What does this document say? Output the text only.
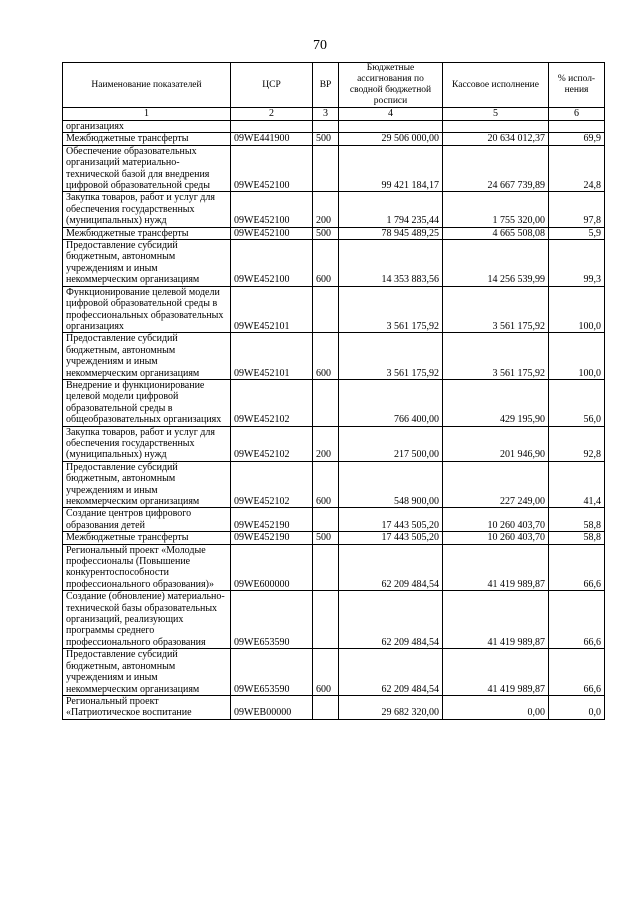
70
Наименование показателей	ЦСР	ВР	Бюджетные ассигнования по сводной бюджетной росписи	Кассовое исполнение	% испол-нения
1	2	3	4	5	6
организациях					
Межбюджетные трансферты	09WE441900	500	29 506 000,00	20 634 012,37	69,9
Обеспечение образовательных организаций материально-технической базой для внедрения цифровой образовательной среды	09WE452100		99 421 184,17	24 667 739,89	24,8
Закупка товаров, работ и услуг для обеспечения государственных (муниципальных) нужд	09WE452100	200	1 794 235,44	1 755 320,00	97,8
Межбюджетные трансферты	09WE452100	500	78 945 489,25	4 665 508,08	5,9
Предоставление субсидий бюджетным, автономным учреждениям и иным некоммерческим организациям	09WE452100	600	14 353 883,56	14 256 539,99	99,3
Функционирование целевой модели цифровой образовательной среды в профессиональных образовательных организациях	09WE452101		3 561 175,92	3 561 175,92	100,0
Предоставление субсидий бюджетным, автономным учреждениям и иным некоммерческим организациям	09WE452101	600	3 561 175,92	3 561 175,92	100,0
Внедрение и функционирование целевой модели цифровой образовательной среды в общеобразовательных организациях	09WE452102		766 400,00	429 195,90	56,0
Закупка товаров, работ и услуг для обеспечения государственных (муниципальных) нужд	09WE452102	200	217 500,00	201 946,90	92,8
Предоставление субсидий бюджетным, автономным учреждениям и иным некоммерческим организациям	09WE452102	600	548 900,00	227 249,00	41,4
Создание центров цифрового образования детей	09WE452190		17 443 505,20	10 260 403,70	58,8
Межбюджетные трансферты	09WE452190	500	17 443 505,20	10 260 403,70	58,8
Региональный проект «Молодые профессионалы (Повышение конкурентоспособности профессионального образования)»	09WE600000		62 209 484,54	41 419 989,87	66,6
Создание (обновление) материально-технической базы образовательных организаций, реализующих программы среднего профессионального образования	09WE653590		62 209 484,54	41 419 989,87	66,6
Предоставление субсидий бюджетным, автономным учреждениям и иным некоммерческим организациям	09WE653590	600	62 209 484,54	41 419 989,87	66,6
Региональный проект «Патриотическое воспитание	09WEB00000		29 682 320,00	0,00	0,0
